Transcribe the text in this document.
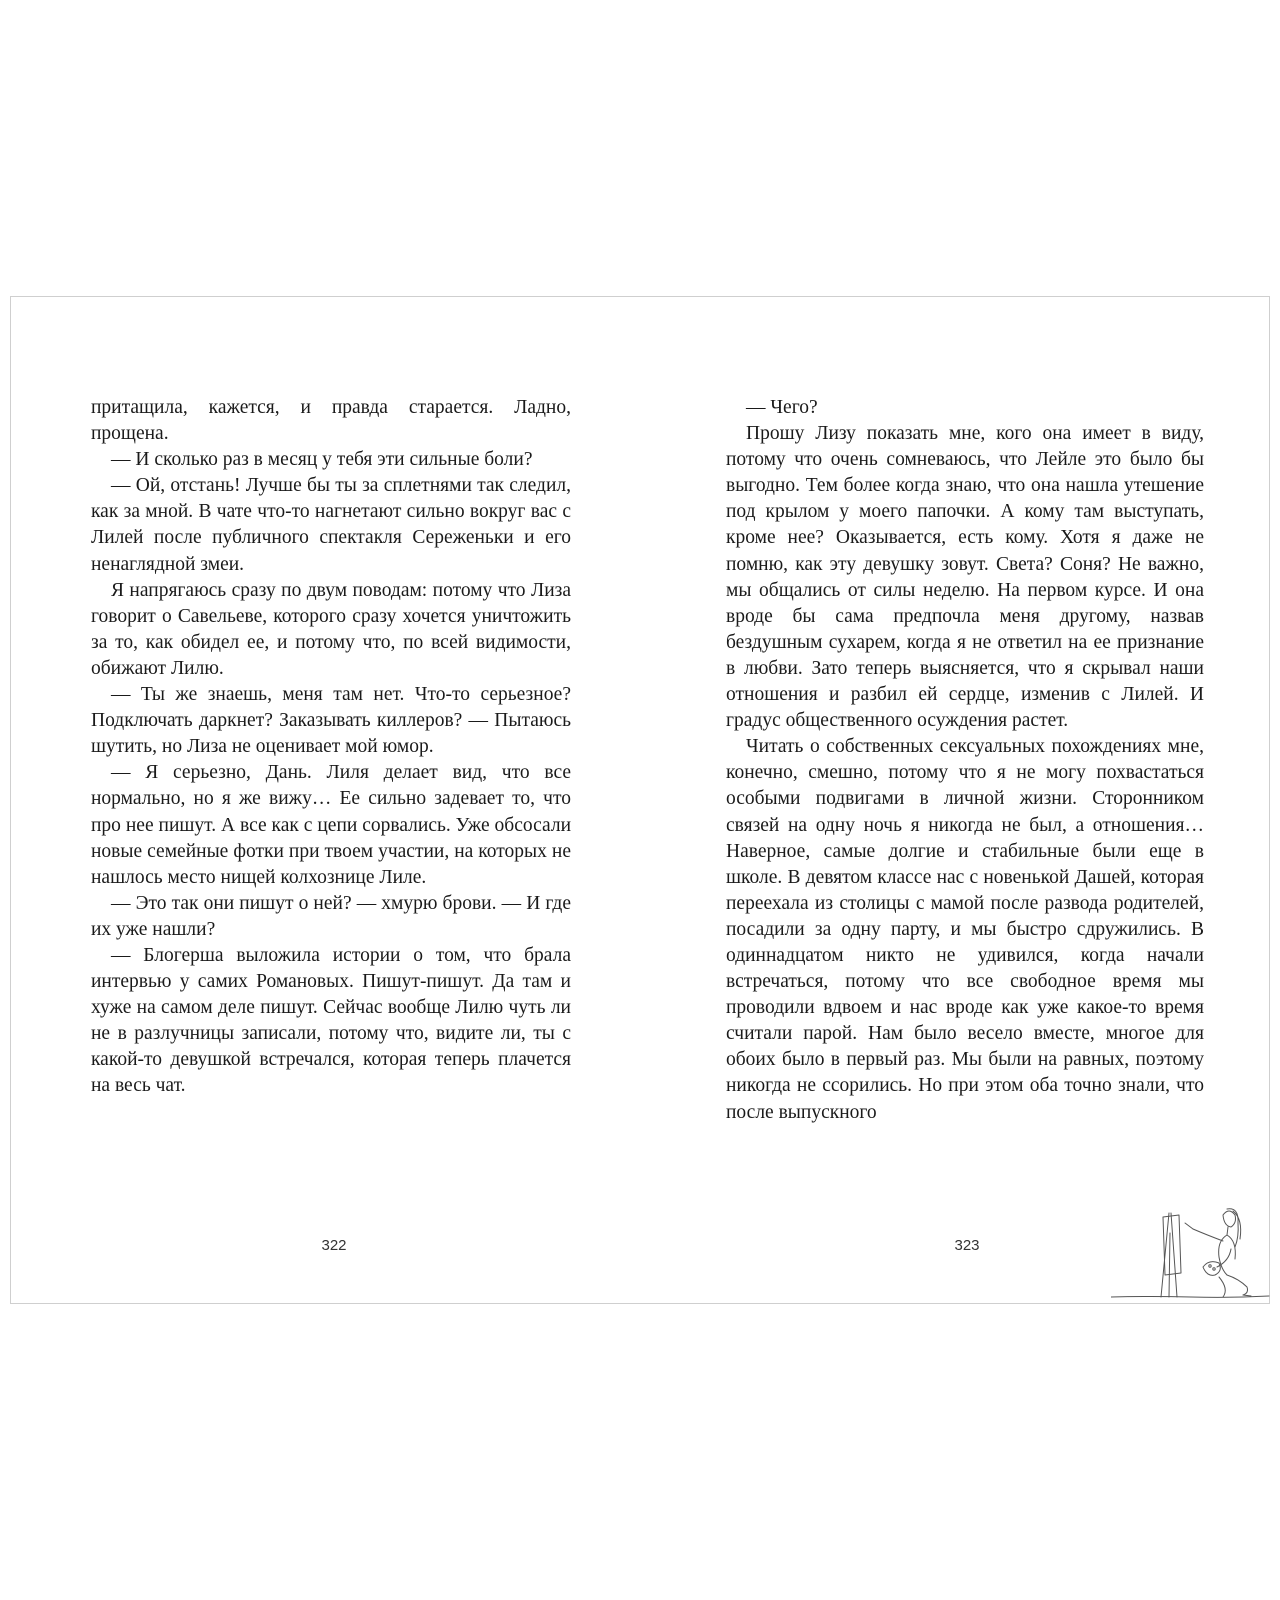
притащила, кажется, и правда старается. Ладно, прощена.

— И сколько раз в месяц у тебя эти сильные боли?

— Ой, отстань! Лучше бы ты за сплетнями так следил, как за мной. В чате что-то нагнетают сильно вокруг вас с Лилей после публичного спектакля Сереженьки и его ненаглядной змеи.

Я напрягаюсь сразу по двум поводам: потому что Лиза говорит о Савельеве, которого сразу хочется уничтожить за то, как обидел ее, и потому что, по всей видимости, обижают Лилю.

— Ты же знаешь, меня там нет. Что-то серьезное? Подключать даркнет? Заказывать киллеров? — Пытаюсь шутить, но Лиза не оценивает мой юмор.

— Я серьезно, Дань. Лиля делает вид, что все нормально, но я же вижу… Ее сильно задевает то, что про нее пишут. А все как с цепи сорвались. Уже обсосали новые семейные фотки при твоем участии, на которых не нашлось место нищей колхознице Лиле.

— Это так они пишут о ней? — хмурю брови. — И где их уже нашли?

— Блогерша выложила истории о том, что брала интервью у самих Романовых. Пишут-пишут. Да там и хуже на самом деле пишут. Сейчас вообще Лилю чуть ли не в разлучницы записали, потому что, видите ли, ты с какой-то девушкой встречался, которая теперь плачется на весь чат.

322

— Чего?

Прошу Лизу показать мне, кого она имеет в виду, потому что очень сомневаюсь, что Лейле это было бы выгодно. Тем более когда знаю, что она нашла утешение под крылом у моего папочки. А кому там выступать, кроме нее? Оказывается, есть кому. Хотя я даже не помню, как эту девушку зовут. Света? Соня? Не важно, мы общались от силы неделю. На первом курсе. И она вроде бы сама предпочла меня другому, назвав бездушным сухарем, когда я не ответил на ее признание в любви. Зато теперь выясняется, что я скрывал наши отношения и разбил ей сердце, изменив с Лилей. И градус общественного осуждения растет.

Читать о собственных сексуальных похождениях мне, конечно, смешно, потому что я не могу похвастаться особыми подвигами в личной жизни. Сторонником связей на одну ночь я никогда не был, а отношения… Наверное, самые долгие и стабильные были еще в школе. В девятом классе нас с новенькой Дашей, которая переехала из столицы с мамой после развода родителей, посадили за одну парту, и мы быстро сдружились. В одиннадцатом никто не удивился, когда начали встречаться, потому что все свободное время мы проводили вдвоем и нас вроде как уже какое-то время считали парой. Нам было весело вместе, многое для обоих было в первый раз. Мы были на равных, поэтому никогда не ссорились. Но при этом оба точно знали, что после выпускного

323
